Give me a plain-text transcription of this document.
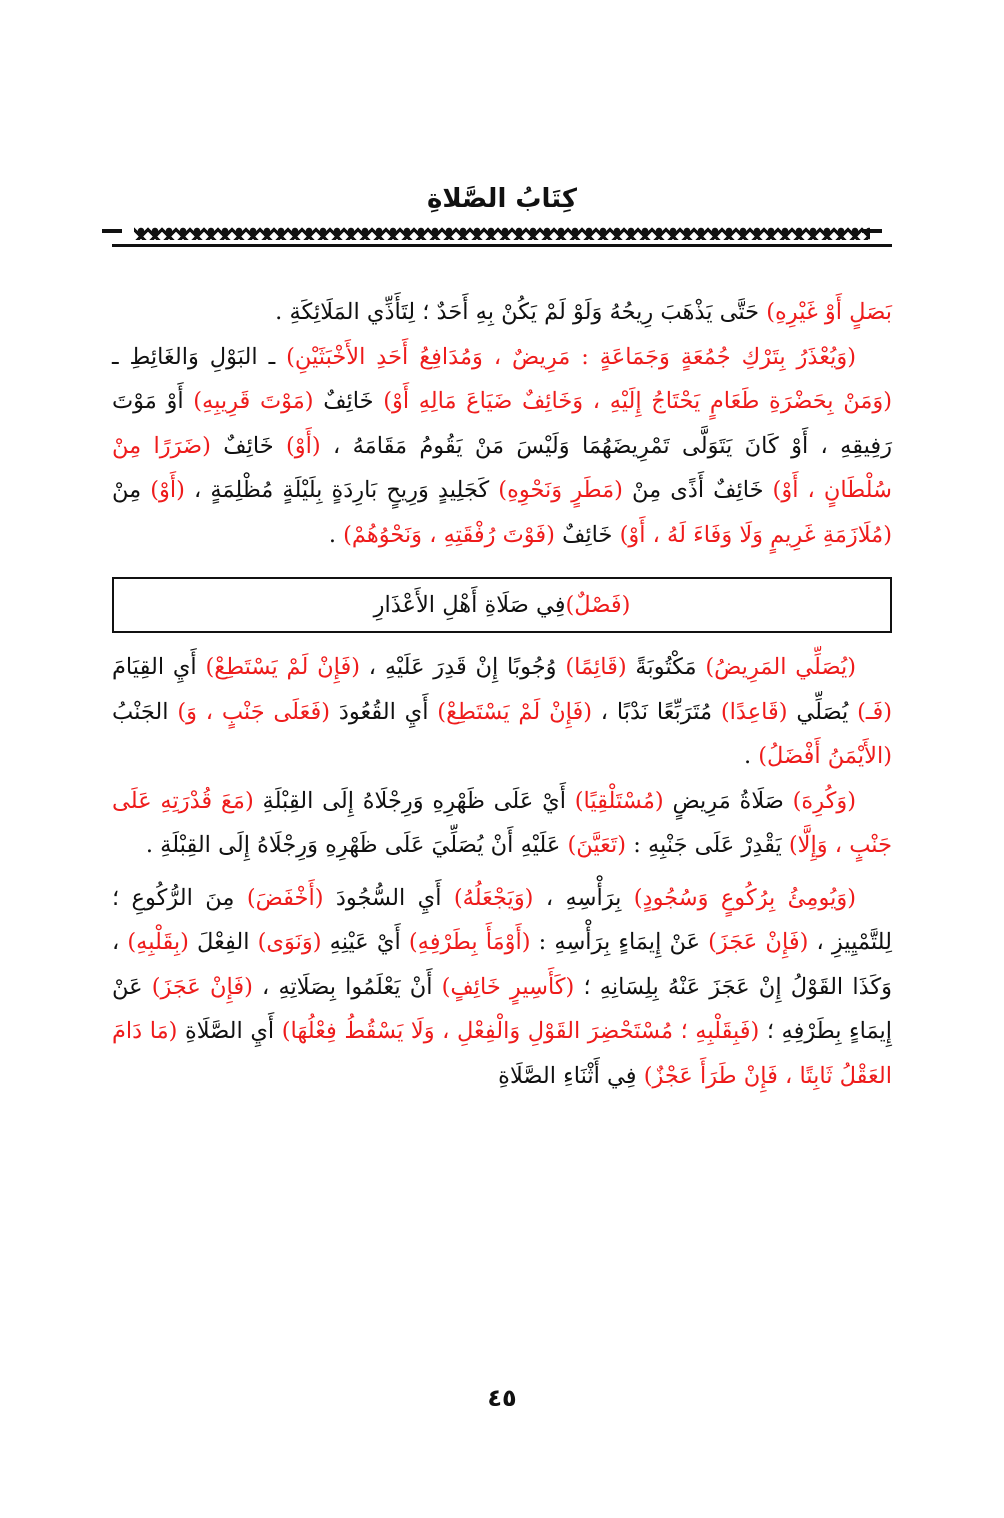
كِتَابُ الصَّلاةِ

بَصَلٍ أَوْ غَيْرِهِ) حَتَّى يَذْهَبَ رِيحُهُ وَلَوْ لَمْ يَكُنْ بِهِ أَحَدٌ ؛ لِتَأَذِّي المَلَائِكَةِ .

(وَيُعْذَرُ بِتَرْكِ جُمُعَةٍ وَجَمَاعَةٍ : مَرِيضٌ ، وَمُدَافِعُ أَحَدِ الأَخْبَثَيْنِ) ـ البَوْلِ وَالغَائِطِ ـ (وَمَنْ بِحَضْرَةِ طَعَامٍ يَحْتَاجُ إِلَيْهِ ، وَخَائِفٌ ضَيَاعَ مَالِهِ أَوْ) خَائِفٌ (مَوْتَ قَرِيبِهِ) أَوْ مَوْتَ رَفِيقِهِ ، أَوْ كَانَ يَتَوَلَّى تَمْرِيضَهُمَا وَلَيْسَ مَنْ يَقُومُ مَقَامَهُ ، (أَوْ) خَائِفٌ (ضَرَرًا مِنْ سُلْطَانٍ ، أَوْ) خَائِفٌ أَذًى مِنْ (مَطَرٍ وَنَحْوِهِ) كَجَلِيدٍ وَرِيحٍ بَارِدَةٍ بِلَيْلَةٍ مُظْلِمَةٍ ، (أَوْ) مِنْ (مُلَازَمَةِ غَرِيمٍ وَلَا وَفَاءَ لَهُ ، أَوْ) خَائِفٌ (فَوْتَ رُفْقَتِهِ ، وَنَحْوُهُمْ) .

(فَصْلٌ)
فِي صَلَاةِ أَهْلِ الأَعْذَارِ

(يُصَلِّي المَرِيضُ) مَكْتُوبَةً (قَائِمًا) وُجُوبًا إِنْ قَدِرَ عَلَيْهِ ، (فَإِنْ لَمْ يَسْتَطِعْ) أَيِ القِيَامَ (فَـ) يُصَلِّي (قَاعِدًا) مُتَرَبِّعًا نَدْبًا ، (فَإِنْ لَمْ يَسْتَطِعْ) أَيِ القُعُودَ (فَعَلَى جَنْبٍ ، وَ) الجَنْبُ (الأَيْمَنُ أَفْضَلُ) .

(وَكُرِهَ) صَلَاةُ مَرِيضٍ (مُسْتَلْقِيًا) أَيْ عَلَى ظَهْرِهِ وَرِجْلَاهُ إِلَى القِبْلَةِ (مَعَ قُدْرَتِهِ عَلَى جَنْبٍ ، وَإِلَّا) يَقْدِرْ عَلَى جَنْبِهِ : (تَعَيَّنَ) عَلَيْهِ أَنْ يُصَلِّيَ عَلَى ظَهْرِهِ وَرِجْلَاهُ إِلَى القِبْلَةِ .

(وَيُومِئُ بِرُكُوعٍ وَسُجُودٍ) بِرَأْسِهِ ، (وَيَجْعَلُهُ) أَيِ السُّجُودَ (أَخْفَضَ) مِنَ الرُّكُوعِ ؛ لِلتَّمْيِيزِ ، (فَإِنْ عَجَزَ) عَنْ إِيمَاءٍ بِرَأْسِهِ : (أَوْمَأَ بِطَرْفِهِ) أَيْ عَيْنِهِ (وَنَوَى) الفِعْلَ (بِقَلْبِهِ) ، وَكَذَا القَوْلُ إِنْ عَجَزَ عَنْهُ بِلِسَانِهِ ؛ (كَأَسِيرٍ خَائِفٍ) أَنْ يَعْلَمُوا بِصَلَاتِهِ ، (فَإِنْ عَجَزَ) عَنْ إِيمَاءٍ بِطَرْفِهِ ؛ (فَبِقَلْبِهِ ؛ مُسْتَحْضِرَ القَوْلِ وَالْفِعْلِ ، وَلَا يَسْقُطُ فِعْلُهَا) أَيِ الصَّلَاةِ (مَا دَامَ العَقْلُ ثَابِتًا ، فَإِنْ طَرَأَ عَجْزٌ) فِي أَثْنَاءِ الصَّلَاةِ

٤٥
